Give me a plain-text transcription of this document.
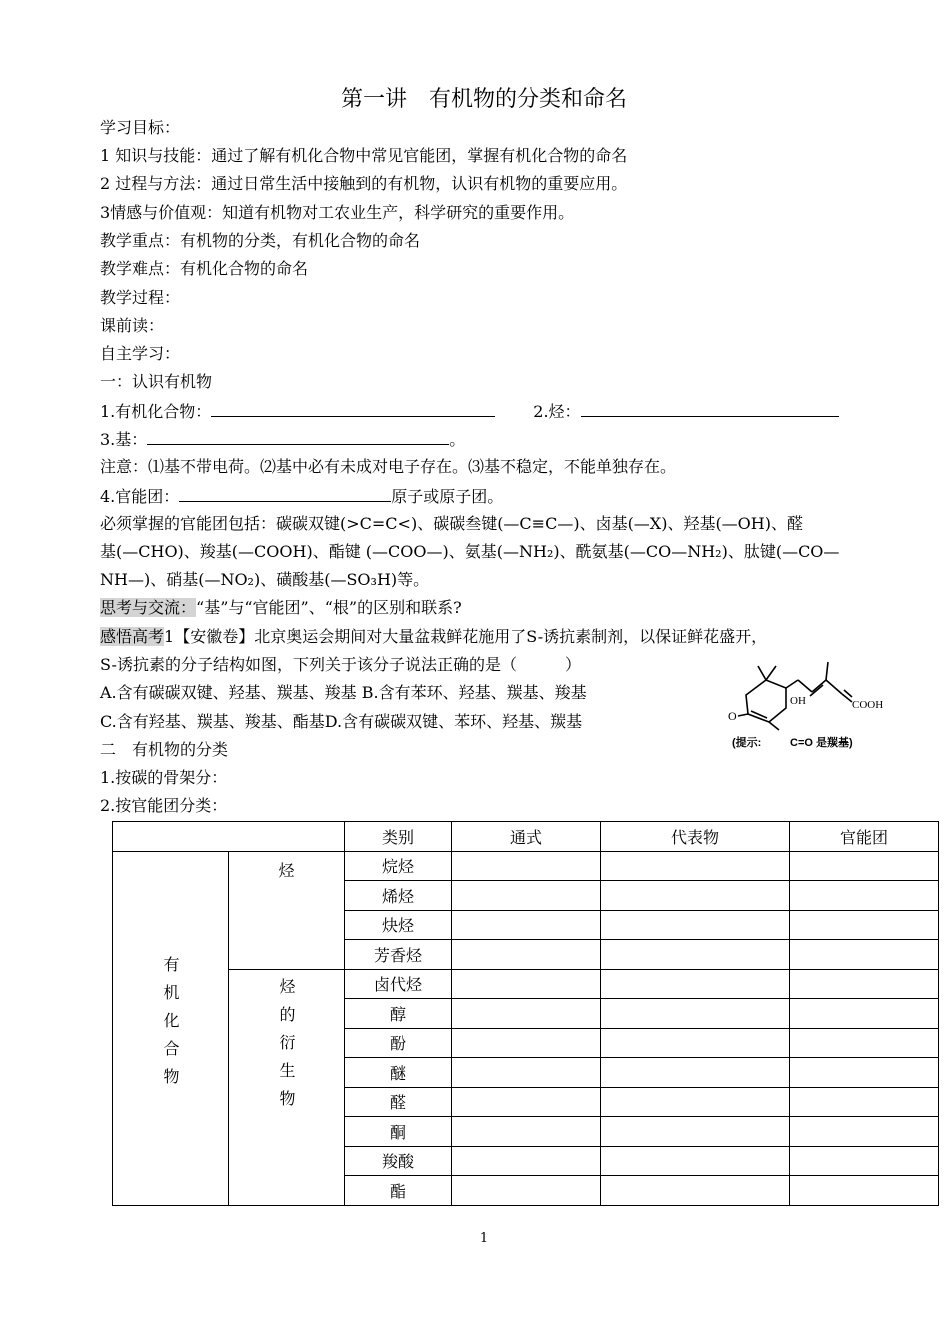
第一讲　有机物的分类和命名
学习目标：
1 知识与技能：通过了解有机化合物中常见官能团，掌握有机化合物的命名
2 过程与方法：通过日常生活中接触到的有机物，认识有机物的重要应用。
3情感与价值观：知道有机物对工农业生产，科学研究的重要作用。
教学重点：有机物的分类，有机化合物的命名
教学难点：有机化合物的命名
教学过程：
课前读：
自主学习：
一：认识有机物
1.有机化合物：	2.烃：
3.基：	。
注意：⑴基不带电荷。⑵基中必有未成对电子存在。⑶基不稳定，不能单独存在。
4.官能团：	原子或原子团。
必须掌握的官能团包括：碳碳双键(>C=C<)、碳碳叁键(—C≡C—)、卤基(—X)、羟基(—OH)、醛
基(—CHO)、羧基(—COOH)、酯键 (—COO—)、氨基(—NH₂)、酰氨基(—CO—NH₂)、肽键(—CO—
NH—)、硝基(—NO₂)、磺酸基(—SO₃H)等。
思考与交流：“基”与“官能团”、“根”的区别和联系?
感悟高考1【安徽卷】北京奥运会期间对大量盆栽鲜花施用了S-诱抗素制剂，以保证鲜花盛开，
S-诱抗素的分子结构如图，下列关于该分子说法正确的是（　　　）
A.含有碳碳双键、羟基、羰基、羧基 B.含有苯环、羟基、羰基、羧基
C.含有羟基、羰基、羧基、酯基D.含有碳碳双键、苯环、羟基、羰基
二　有机物的分类
1.按碳的骨架分：
2.按官能团分类：
OH	COOH
O
(提示:	C=O 是羰基)
		类别	通式	代表物	官能团
有机化合物	烃	烷烃			
		烯烃			
		炔烃			
		芳香烃			
	烃的衍生物	卤代烃			
		醇			
		酚			
		醚			
		醛			
		酮			
		羧酸			
		酯			
1
